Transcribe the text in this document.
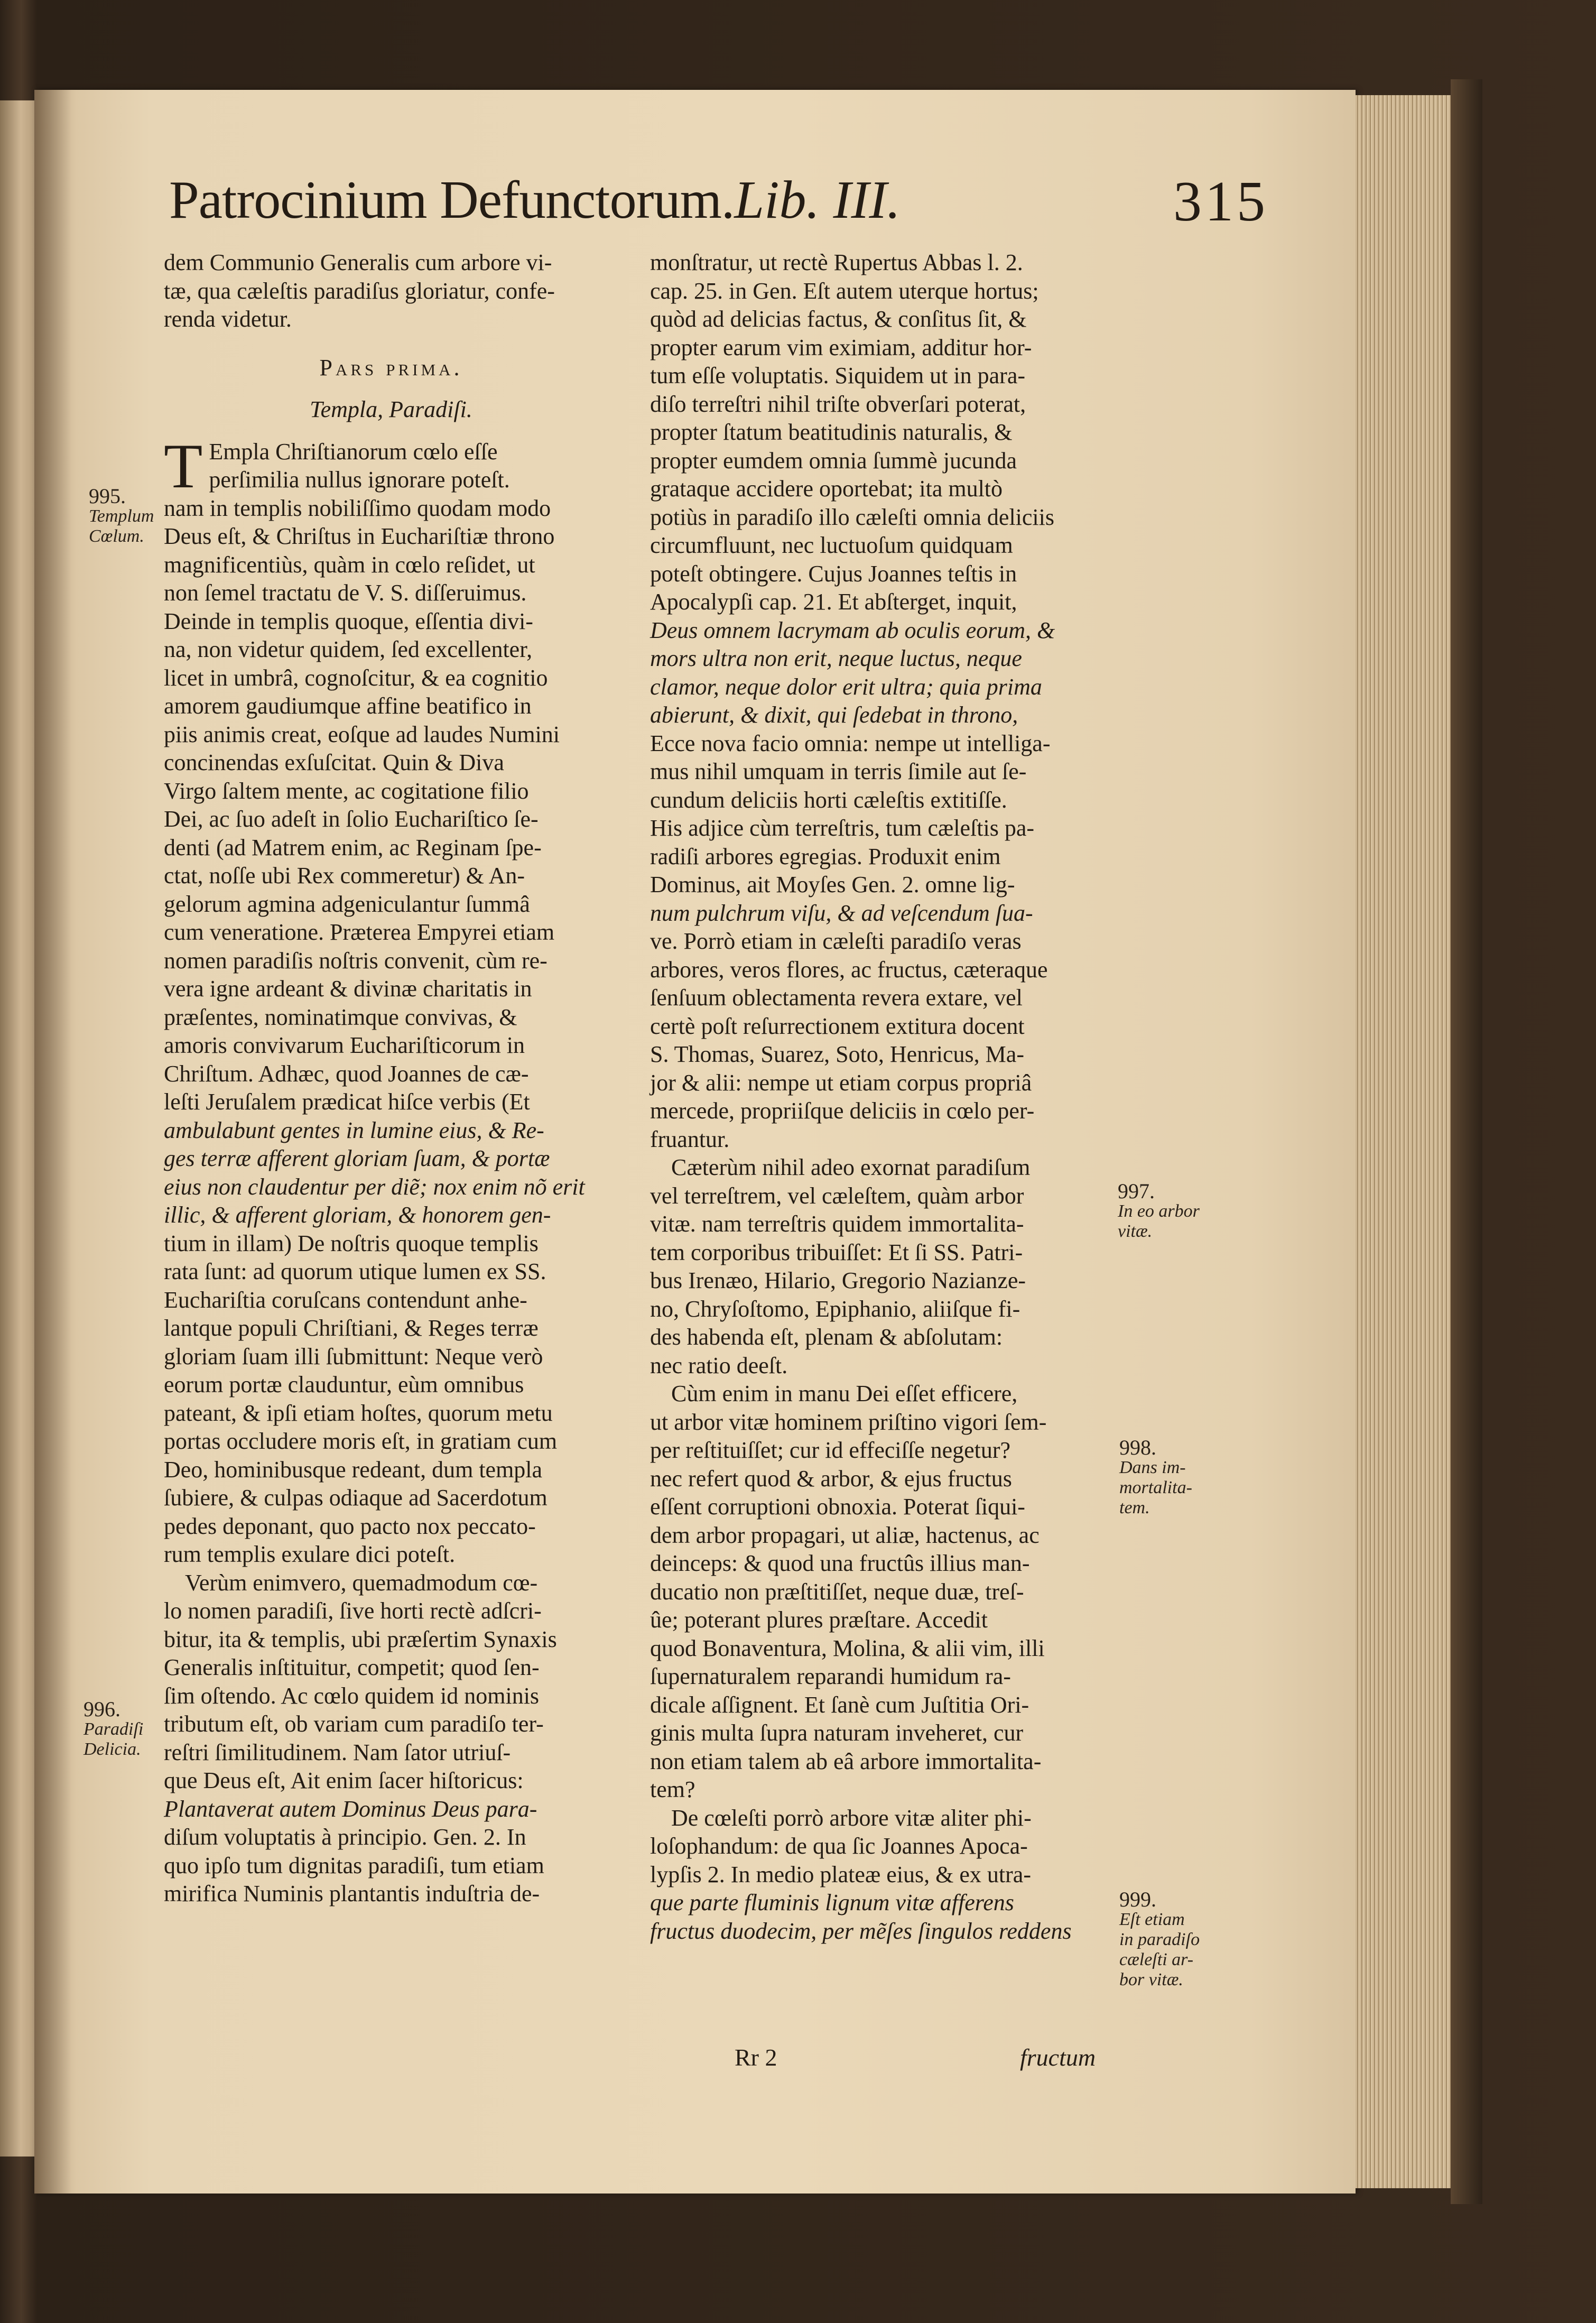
Patrocinium Defunctorum.Lib. III.	315
dem Communio Generalis cum arbore vi-
tæ, qua cæleſtis paradiſus gloriatur, confe-
renda videtur.
Pars prima.
Templa, Paradiſi.
T Empla Chriſtianorum cœlo eſſe
perſimilia nullus ignorare poteſt.
nam in templis nobiliſſimo quodam modo
Deus eſt, & Chriſtus in Euchariſtiæ throno
magnificentiùs, quàm in cœlo reſidet, ut
non ſemel tractatu de V. S. diſſeruimus.
Deinde in templis quoque, eſſentia divi-
na, non videtur quidem, ſed excellenter,
licet in umbrâ, cognoſcitur, & ea cognitio
amorem gaudiumque affine beatifico in
piis animis creat, eoſque ad laudes Numini
concinendas exſuſcitat. Quin & Diva
Virgo ſaltem mente, ac cogitatione filio
Dei, ac ſuo adeſt in ſolio Euchariſtico ſe-
denti (ad Matrem enim, ac Reginam ſpe-
ctat, noſſe ubi Rex commeretur) & An-
gelorum agmina adgeniculantur ſummâ
cum veneratione. Præterea Empyrei etiam
nomen paradiſis noſtris convenit, cùm re-
vera igne ardeant & divinæ charitatis in
præſentes, nominatimque convivas, &
amoris convivarum Euchariſticorum in
Chriſtum. Adhæc, quod Joannes de cæ-
leſti Jeruſalem prædicat hiſce verbis (Et
ambulabunt gentes in lumine eius, & Re-
ges terræ afferent gloriam ſuam, & portæ
eius non claudentur per diẽ; nox enim nõ erit
illic, & afferent gloriam, & honorem gen-
tium in illam) De noſtris quoque templis
rata ſunt: ad quorum utique lumen ex SS.
Euchariſtia coruſcans contendunt anhe-
lantque populi Chriſtiani, & Reges terræ
gloriam ſuam illi ſubmittunt: Neque verò
eorum portæ clauduntur, eùm omnibus
pateant, & ipſi etiam hoſtes, quorum metu
portas occludere moris eſt, in gratiam cum
Deo, hominibusque redeant, dum templa
ſubiere, & culpas odiaque ad Sacerdotum
pedes deponant, quo pacto nox peccato-
rum templis exulare dici poteſt.
Verùm enimvero, quemadmodum cœ-
lo nomen paradiſi, ſive horti rectè adſcri-
bitur, ita & templis, ubi præſertim Synaxis
Generalis inſtituitur, competit; quod ſen-
ſim oſtendo. Ac cœlo quidem id nominis
tributum eſt, ob variam cum paradiſo ter-
reſtri ſimilitudinem. Nam ſator utriuſ-
que Deus eſt, Ait enim ſacer hiſtoricus:
Plantaverat autem Dominus Deus para-
diſum voluptatis à principio. Gen. 2. In
quo ipſo tum dignitas paradiſi, tum etiam
mirifica Numinis plantantis induſtria de-
monſtratur, ut rectè Rupertus Abbas l. 2.
cap. 25. in Gen. Eſt autem uterque hortus;
quòd ad delicias factus, & conſitus ſit, &
propter earum vim eximiam, additur hor-
tum eſſe voluptatis. Siquidem ut in para-
diſo terreſtri nihil triſte obverſari poterat,
propter ſtatum beatitudinis naturalis, &
propter eumdem omnia ſummè jucunda
grataque accidere oportebat; ita multò
potiùs in paradiſo illo cæleſti omnia deliciis
circumfluunt, nec luctuoſum quidquam
poteſt obtingere. Cujus Joannes teſtis in
Apocalypſi cap. 21. Et abſterget, inquit,
Deus omnem lacrymam ab oculis eorum, &
mors ultra non erit, neque luctus, neque
clamor, neque dolor erit ultra; quia prima
abierunt, & dixit, qui ſedebat in throno,
Ecce nova facio omnia: nempe ut intelliga-
mus nihil umquam in terris ſimile aut ſe-
cundum deliciis horti cæleſtis extitiſſe.
His adjice cùm terreſtris, tum cæleſtis pa-
radiſi arbores egregias. Produxit enim
Dominus, ait Moyſes Gen. 2. omne lig-
num pulchrum viſu, & ad veſcendum ſua-
ve. Porrò etiam in cæleſti paradiſo veras
arbores, veros flores, ac fructus, cæteraque
ſenſuum oblectamenta revera extare, vel
certè poſt reſurrectionem extitura docent
S. Thomas, Suarez, Soto, Henricus, Ma-
jor & alii: nempe ut etiam corpus propriâ
mercede, propriiſque deliciis in cœlo per-
fruantur.
Cæterùm nihil adeo exornat paradiſum
vel terreſtrem, vel cæleſtem, quàm arbor
vitæ. nam terreſtris quidem immortalita-
tem corporibus tribuiſſet: Et ſi SS. Patri-
bus Irenæo, Hilario, Gregorio Nazianze-
no, Chryſoſtomo, Epiphanio, aliiſque fi-
des habenda eſt, plenam & abſolutam:
nec ratio deeſt.
Cùm enim in manu Dei eſſet efficere,
ut arbor vitæ hominem priſtino vigori ſem-
per reſtituiſſet; cur id effeciſſe negetur?
nec refert quod & arbor, & ejus fructus
eſſent corruptioni obnoxia. Poterat ſiqui-
dem arbor propagari, ut aliæ, hactenus, ac
deinceps: & quod una fructûs illius man-
ducatio non præſtitiſſet, neque duæ, treſ-
ûe; poterant plures præſtare. Accedit
quod Bonaventura, Molina, & alii vim, illi
ſupernaturalem reparandi humidum ra-
dicale aſſignent. Et ſanè cum Juſtitia Ori-
ginis multa ſupra naturam inveheret, cur
non etiam talem ab eâ arbore immortalita-
tem?
De cœleſti porrò arbore vitæ aliter phi-
loſophandum: de qua ſic Joannes Apoca-
lypſis 2. In medio plateæ eius, & ex utra-
que parte fluminis lignum vitæ afferens
fructus duodecim, per mẽſes ſingulos reddens
995.
Templum
Cœlum.
996.
Paradiſi
Delicia.
997.
In eo arbor
vitæ.
998.
Dans im-
mortalita-
tem.
999.
Eſt etiam
in paradiſo
cæleſti ar-
bor vitæ.
Rr 2	fructum
